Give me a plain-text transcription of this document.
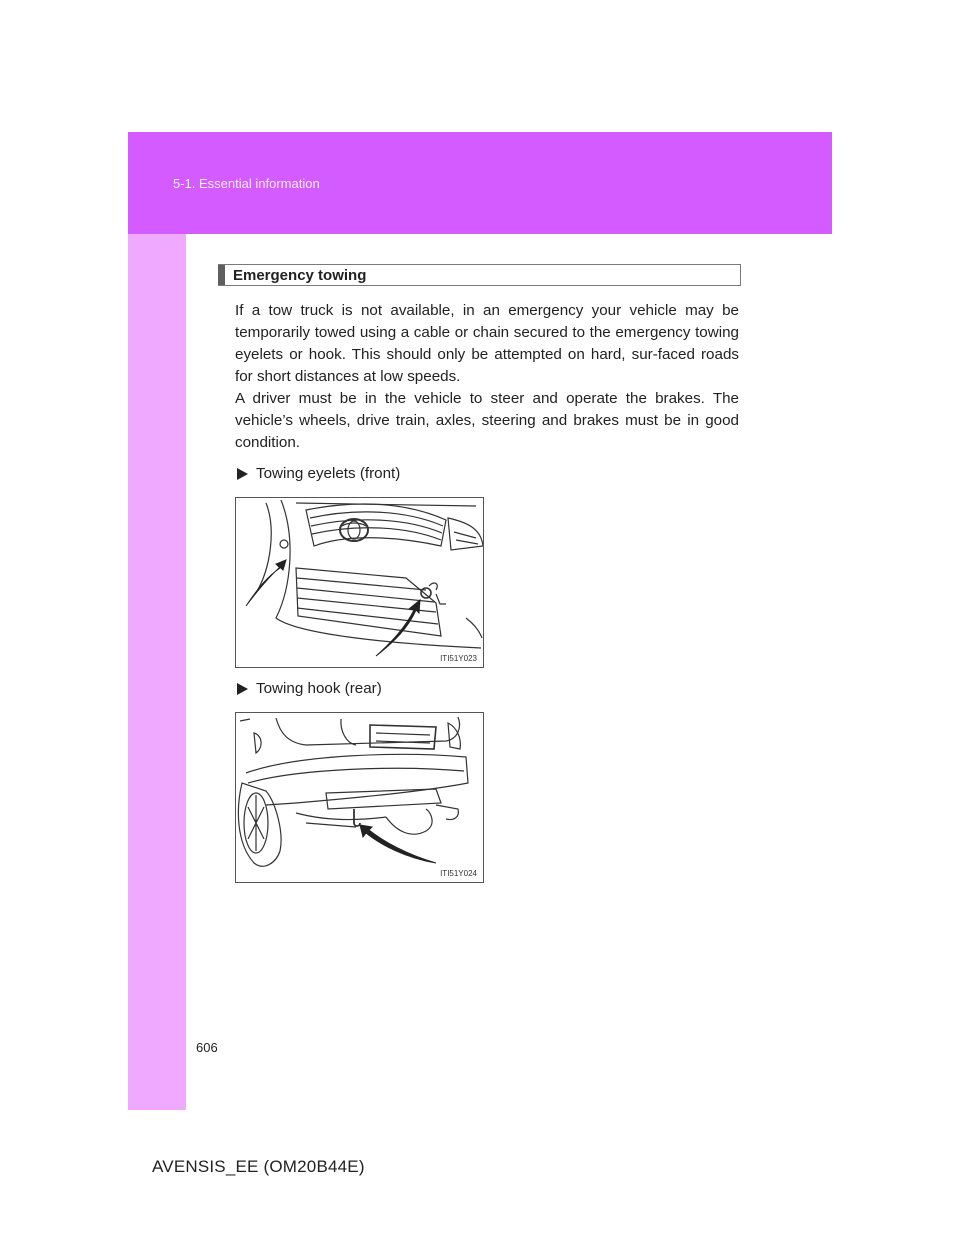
5-1. Essential information
Emergency towing

If a tow truck is not available, in an emergency your vehicle may be temporarily towed using a cable or chain secured to the emergency towing eyelets or hook. This should only be attempted on hard, sur-faced roads for short distances at low speeds.

A driver must be in the vehicle to steer and operate the brakes. The vehicle’s wheels, drive train, axles, steering and brakes must be in good condition.

Towing eyelets (front)
ITI51Y023
Towing hook (rear)
ITI51Y024
606
AVENSIS_EE (OM20B44E)
